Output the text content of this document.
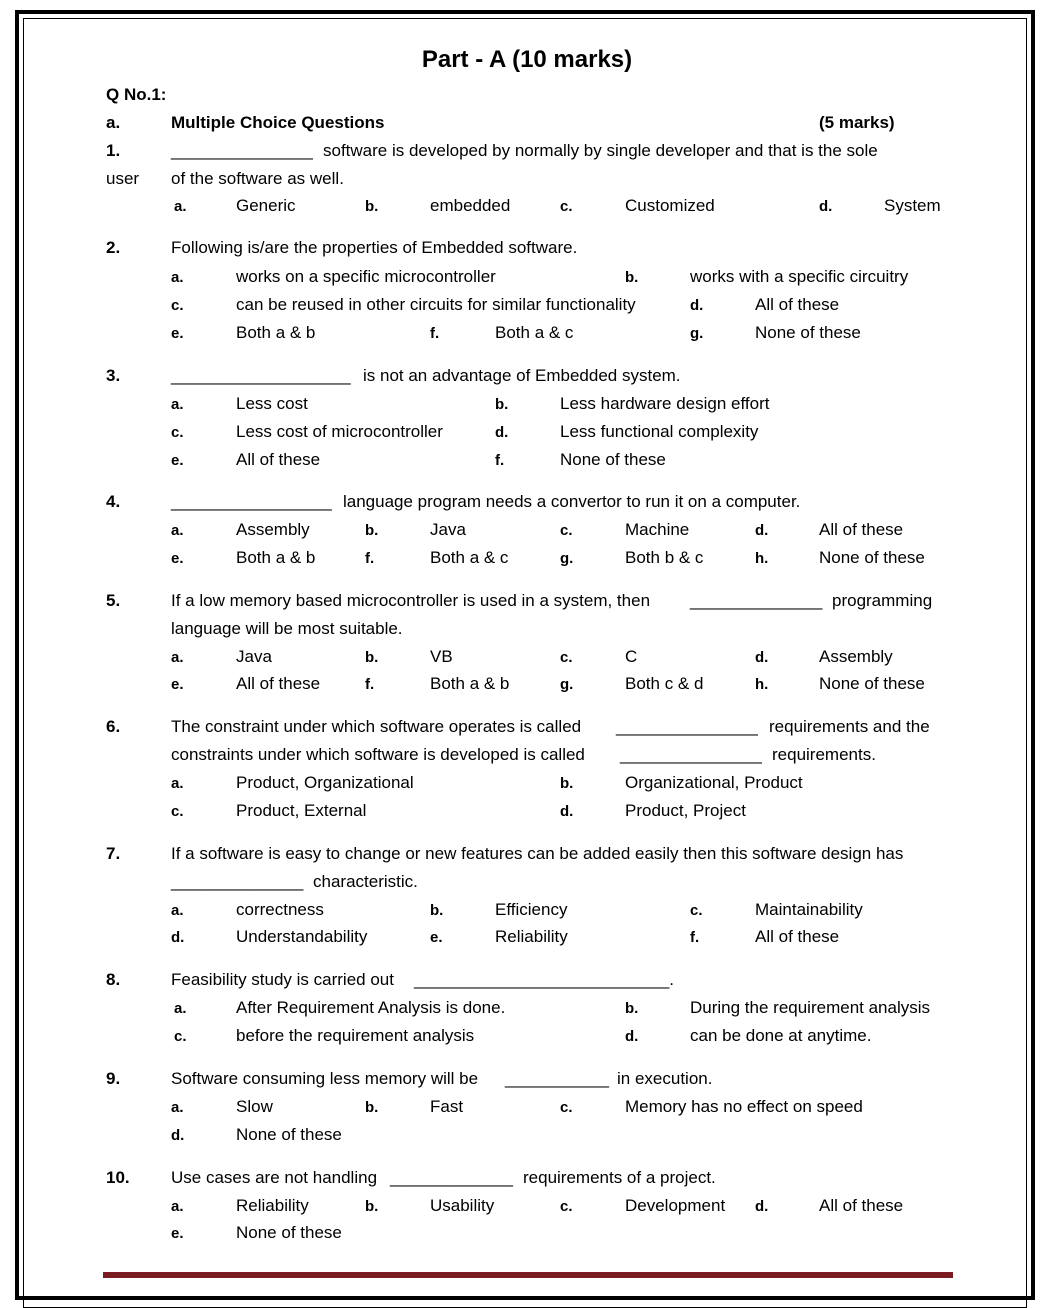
Part - A (10 marks)
Q No.1:
a.	Multiple Choice Questions	(5 marks)
1.	_______________ software is developed by normally by single developer and that is the sole
user of the software as well.
a.	Generic	b.	embedded	c.	Customized	d.	System
2.	Following is/are the properties of Embedded software.
a.	works on a specific microcontroller	b.	works with a specific circuitry
c.	can be reused in other circuits for similar functionality	d.	All of these
e.	Both a & b	f.	Both a & c	g.	None of these
3.	___________________ is not an advantage of Embedded system.
a.	Less cost	b.	Less hardware design effort
c.	Less cost of microcontroller	d.	Less functional complexity
e.	All of these	f.	None of these
4.	_________________ language program needs a convertor to run it on a computer.
a.	Assembly	b.	Java	c.	Machine	d.	All of these
e.	Both a & b	f.	Both a & c	g.	Both b & c	h.	None of these
5.	If a low memory based microcontroller is used in a system, then ______________ programming
language will be most suitable.
a.	Java	b.	VB	c.	C	d.	Assembly
e.	All of these	f.	Both a & b	g.	Both c & d	h.	None of these
6.	The constraint under which software operates is called _______________ requirements and the
constraints under which software is developed is called _______________ requirements.
a.	Product, Organizational	b.	Organizational, Product
c.	Product, External	d.	Product, Project
7.	If a software is easy to change or new features can be added easily then this software design has
______________ characteristic.
a.	correctness	b.	Efficiency	c.	Maintainability
d.	Understandability	e.	Reliability	f.	All of these
8.	Feasibility study is carried out ___________________________.
a.	After Requirement Analysis is done.	b.	During the requirement analysis
c.	before the requirement analysis	d.	can be done at anytime.
9.	Software consuming less memory will be ___________ in execution.
a.	Slow	b.	Fast	c.	Memory has no effect on speed
d.	None of these
10. Use cases are not handling _____________ requirements of a project.
a.	Reliability	b.	Usability	c.	Development d.	All of these
e.	None of these
